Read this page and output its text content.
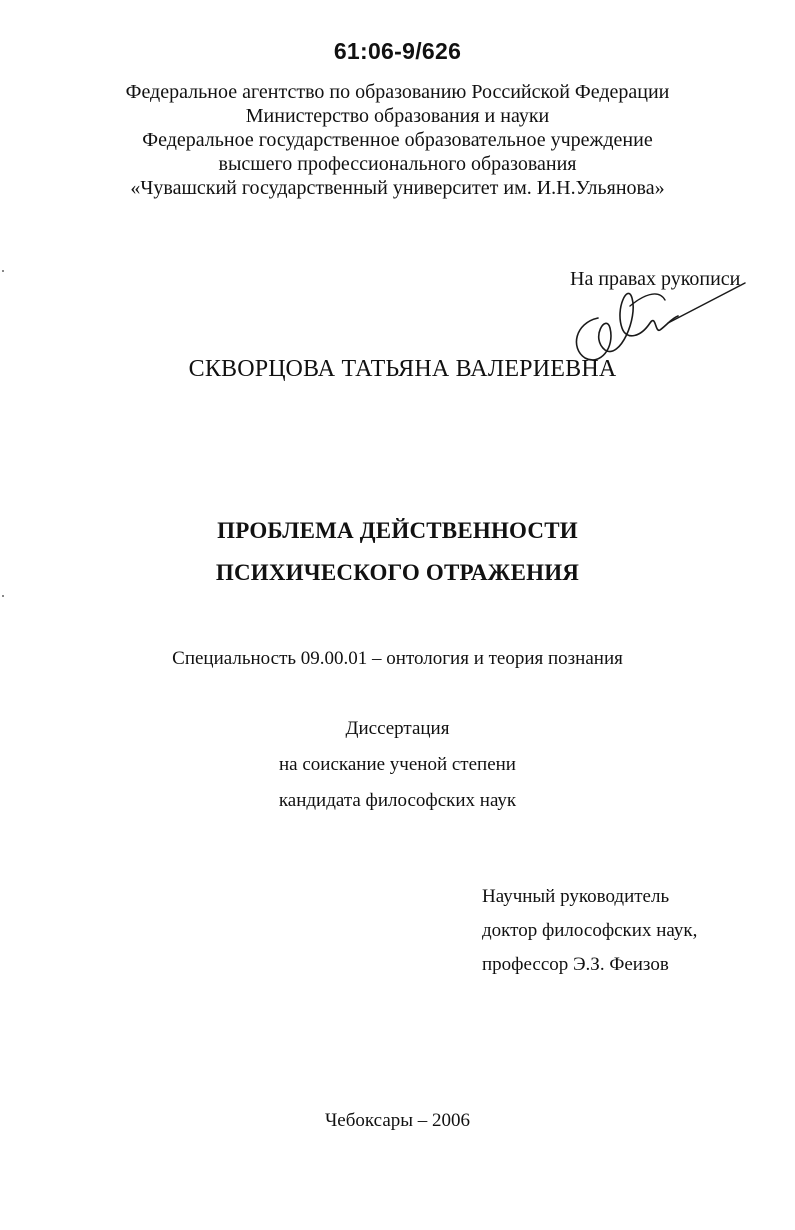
61:06-9/626
Федеральное агентство по образованию Российской Федерации
Министерство образования и науки
Федеральное государственное образовательное учреждение
высшего профессионального образования
«Чувашский государственный университет им. И.Н.Ульянова»
На правах рукописи
СКВОРЦОВА ТАТЬЯНА ВАЛЕРИЕВНА
ПРОБЛЕМА ДЕЙСТВЕННОСТИ
ПСИХИЧЕСКОГО ОТРАЖЕНИЯ
Специальность 09.00.01 – онтология и теория познания
Диссертация
на соискание ученой степени
кандидата философских наук
Научный руководитель
доктор философских наук,
профессор Э.З. Феизов
Чебоксары – 2006
